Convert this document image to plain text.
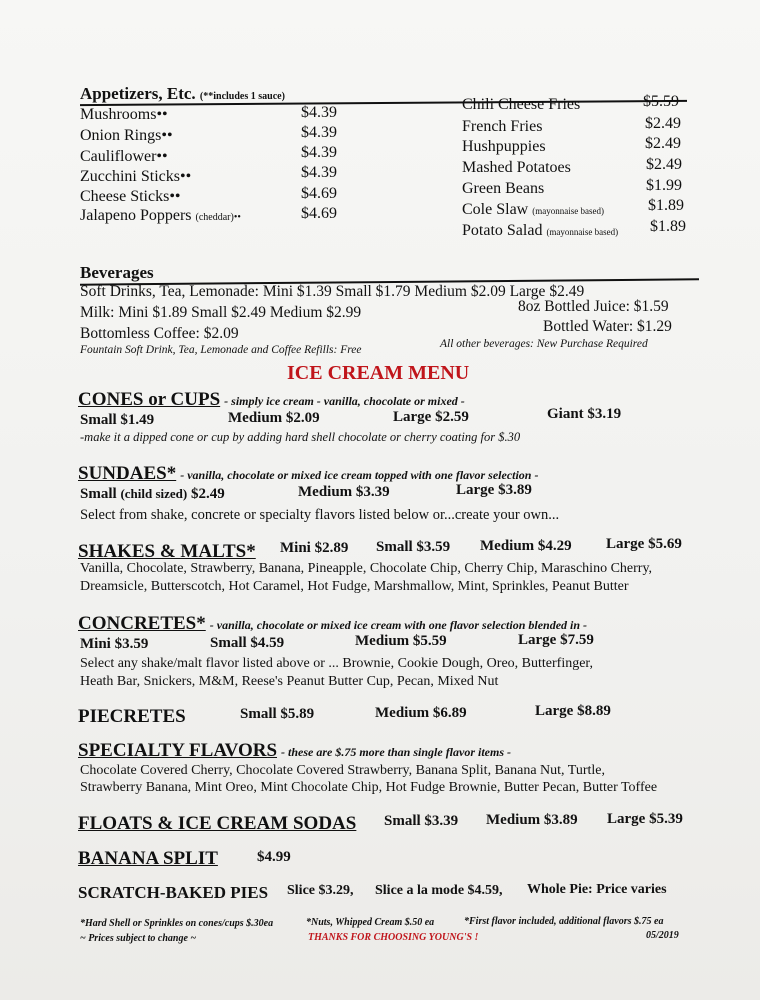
Appetizers, Etc. (**includes 1 sauce)
Mushrooms••	$4.39
Onion Rings••	$4.39
Cauliflower••	$4.39
Zucchini Sticks••	$4.39
Cheese Sticks••	$4.69
Jalapeno Poppers (cheddar)••	$4.69
Chili Cheese Fries	$5.59
French Fries	$2.49
Hushpuppies	$2.49
Mashed Potatoes	$2.49
Green Beans	$1.99
Cole Slaw (mayonnaise based)	$1.89
Potato Salad (mayonnaise based) $1.89
Beverages
Soft Drinks, Tea, Lemonade: Mini $1.39 Small $1.79 Medium $2.09 Large $2.49
Milk: Mini $1.89 Small $2.49 Medium $2.99	8oz Bottled Juice: $1.59
Bottomless Coffee: $2.09	Bottled Water: $1.29
Fountain Soft Drink, Tea, Lemonade and Coffee Refills: Free	All other beverages: New Purchase Required
ICE CREAM MENU
CONES or CUPS - simply ice cream - vanilla, chocolate or mixed -
Small $1.49	Medium $2.09	Large $2.59	Giant $3.19
-make it a dipped cone or cup by adding hard shell chocolate or cherry coating for $.30
SUNDAES* - vanilla, chocolate or mixed ice cream topped with one flavor selection -
Small (child sized) $2.49	Medium $3.39	Large $3.89
Select from shake, concrete or specialty flavors listed below or...create your own...
SHAKES & MALTS* Mini $2.89 Small $3.59 Medium $4.29 Large $5.69
Vanilla, Chocolate, Strawberry, Banana, Pineapple, Chocolate Chip, Cherry Chip, Maraschino Cherry,
Dreamsicle, Butterscotch, Hot Caramel, Hot Fudge, Marshmallow, Mint, Sprinkles, Peanut Butter
CONCRETES* - vanilla, chocolate or mixed ice cream with one flavor selection blended in -
Mini $3.59	Small $4.59	Medium $5.59	Large $7.59
Select any shake/malt flavor listed above or ... Brownie, Cookie Dough, Oreo, Butterfinger,
Heath Bar, Snickers, M&M, Reese's Peanut Butter Cup, Pecan, Mixed Nut
PIECRETES	Small $5.89	Medium $6.89	Large $8.89
SPECIALTY FLAVORS - these are $.75 more than single flavor items -
Chocolate Covered Cherry, Chocolate Covered Strawberry, Banana Split, Banana Nut, Turtle,
Strawberry Banana, Mint Oreo, Mint Chocolate Chip, Hot Fudge Brownie, Butter Pecan, Butter Toffee
FLOATS & ICE CREAM SODAS Small $3.39 Medium $3.89 Large $5.39
BANANA SPLIT	$4.99
SCRATCH-BAKED PIES Slice $3.29, Slice a la mode $4.59, Whole Pie: Price varies
*Hard Shell or Sprinkles on cones/cups $.30ea	*Nuts, Whipped Cream $.50 ea	*First flavor included, additional flavors $.75 ea
~ Prices subject to change ~	THANKS FOR CHOOSING YOUNG'S !	05/2019
